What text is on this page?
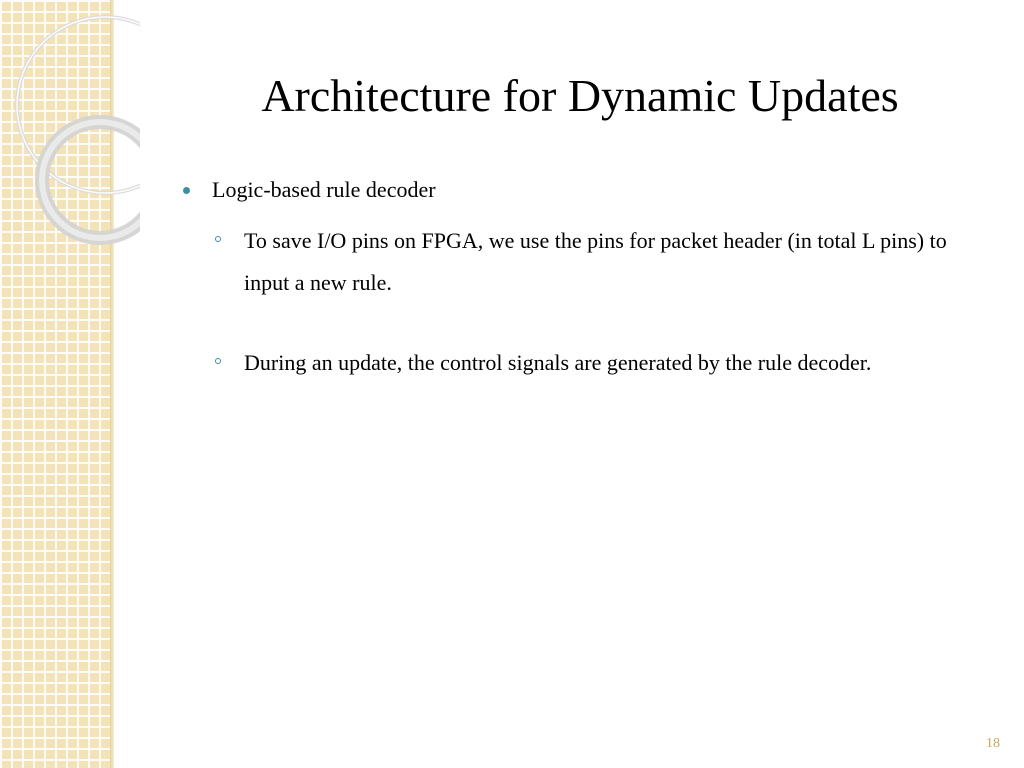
Architecture for Dynamic Updates
Logic-based rule decoder
To save I/O pins on FPGA, we use the pins for packet header (in total L pins) to input a new rule.
During an update, the control signals are generated by the rule decoder.
18
